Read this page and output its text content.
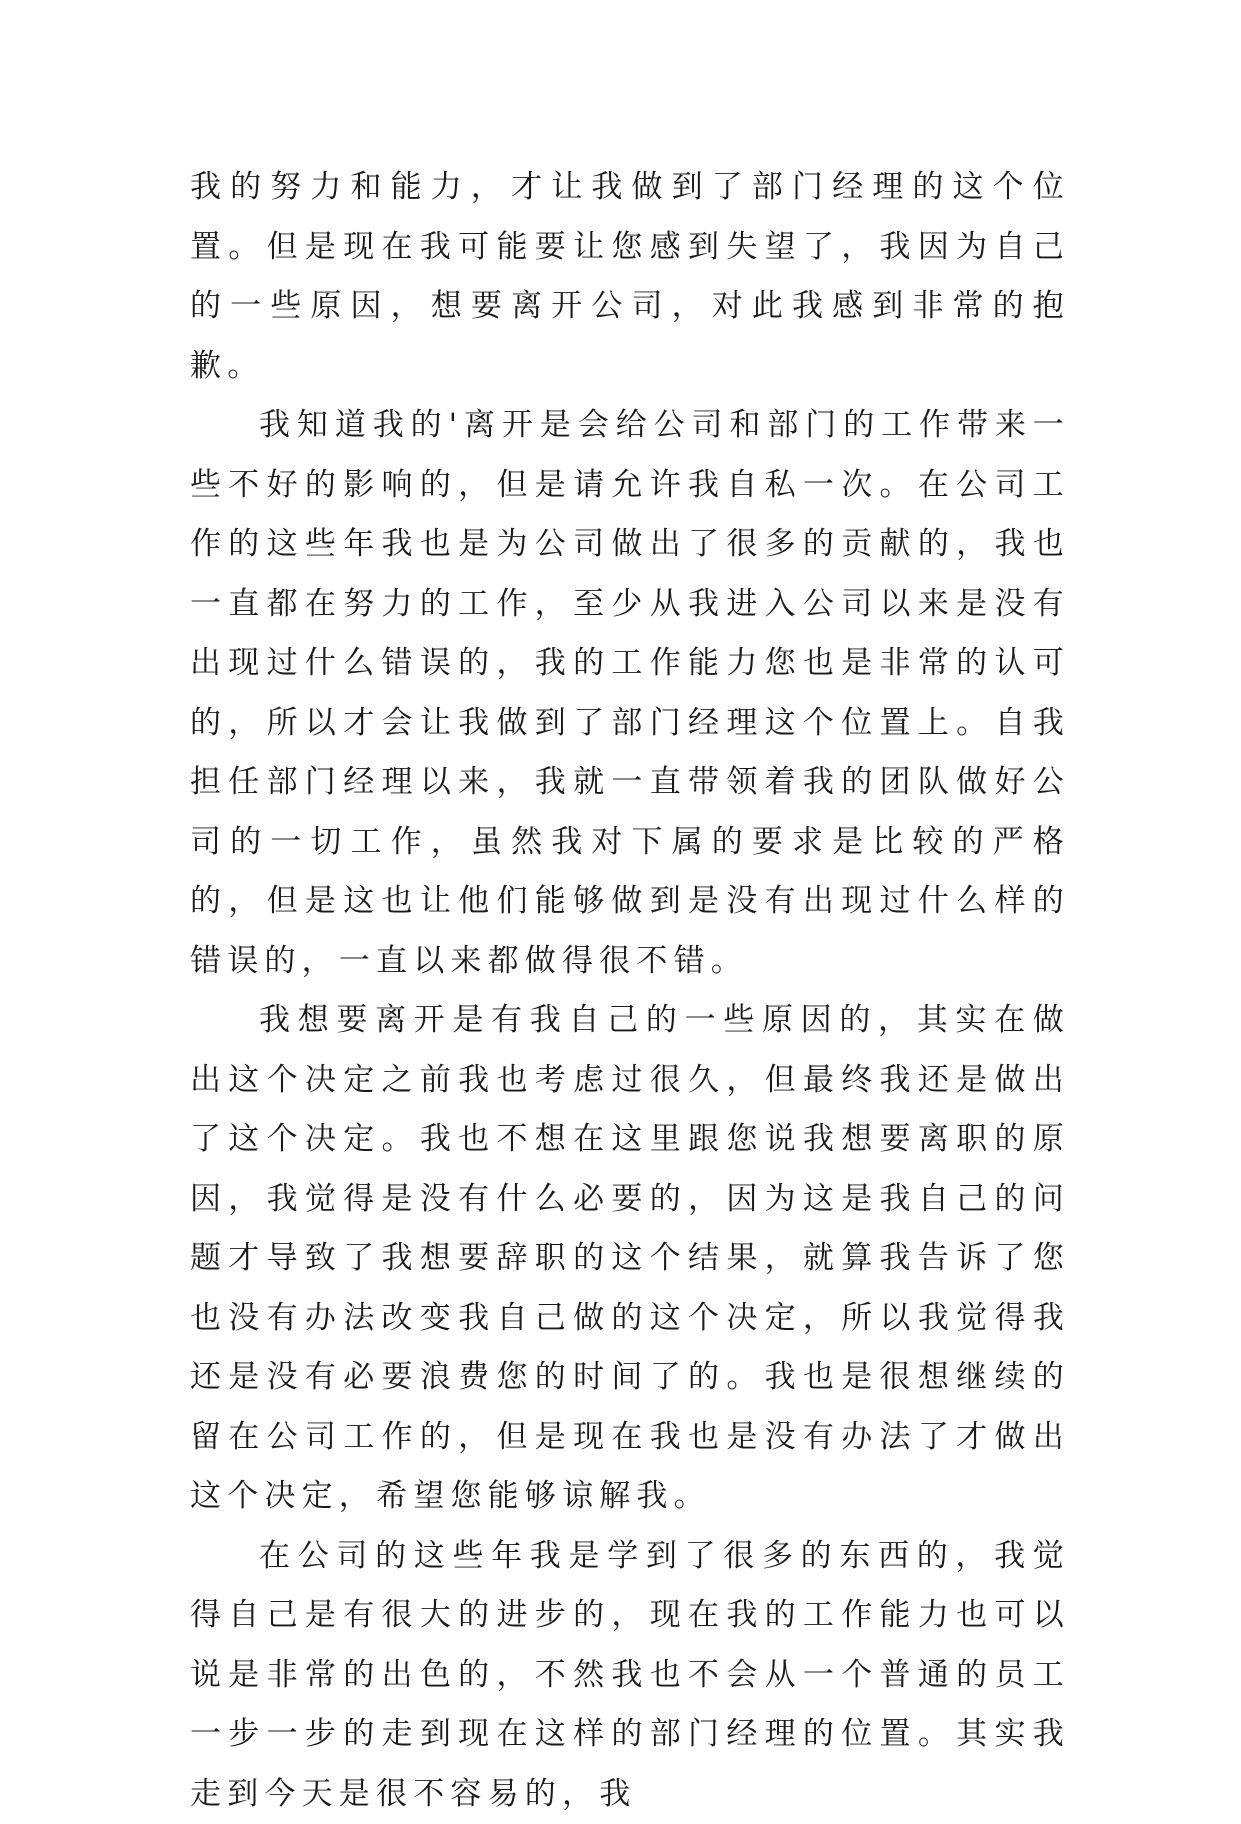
我的努力和能力，才让我做到了部门经理的这个位置。但是现在我可能要让您感到失望了，我因为自己的一些原因，想要离开公司，对此我感到非常的抱歉。

我知道我的'离开是会给公司和部门的工作带来一些不好的影响的，但是请允许我自私一次。在公司工作的这些年我也是为公司做出了很多的贡献的，我也一直都在努力的工作，至少从我进入公司以来是没有出现过什么错误的，我的工作能力您也是非常的认可的，所以才会让我做到了部门经理这个位置上。自我担任部门经理以来，我就一直带领着我的团队做好公司的一切工作，虽然我对下属的要求是比较的严格的，但是这也让他们能够做到是没有出现过什么样的错误的，一直以来都做得很不错。

我想要离开是有我自己的一些原因的，其实在做出这个决定之前我也考虑过很久，但最终我还是做出了这个决定。我也不想在这里跟您说我想要离职的原因，我觉得是没有什么必要的，因为这是我自己的问题才导致了我想要辞职的这个结果，就算我告诉了您也没有办法改变我自己做的这个决定，所以我觉得我还是没有必要浪费您的时间了的。我也是很想继续的留在公司工作的，但是现在我也是没有办法了才做出这个决定，希望您能够谅解我。

在公司的这些年我是学到了很多的东西的，我觉得自己是有很大的进步的，现在我的工作能力也可以说是非常的出色的，不然我也不会从一个普通的员工一步一步的走到现在这样的部门经理的位置。其实我走到今天是很不容易的，我
